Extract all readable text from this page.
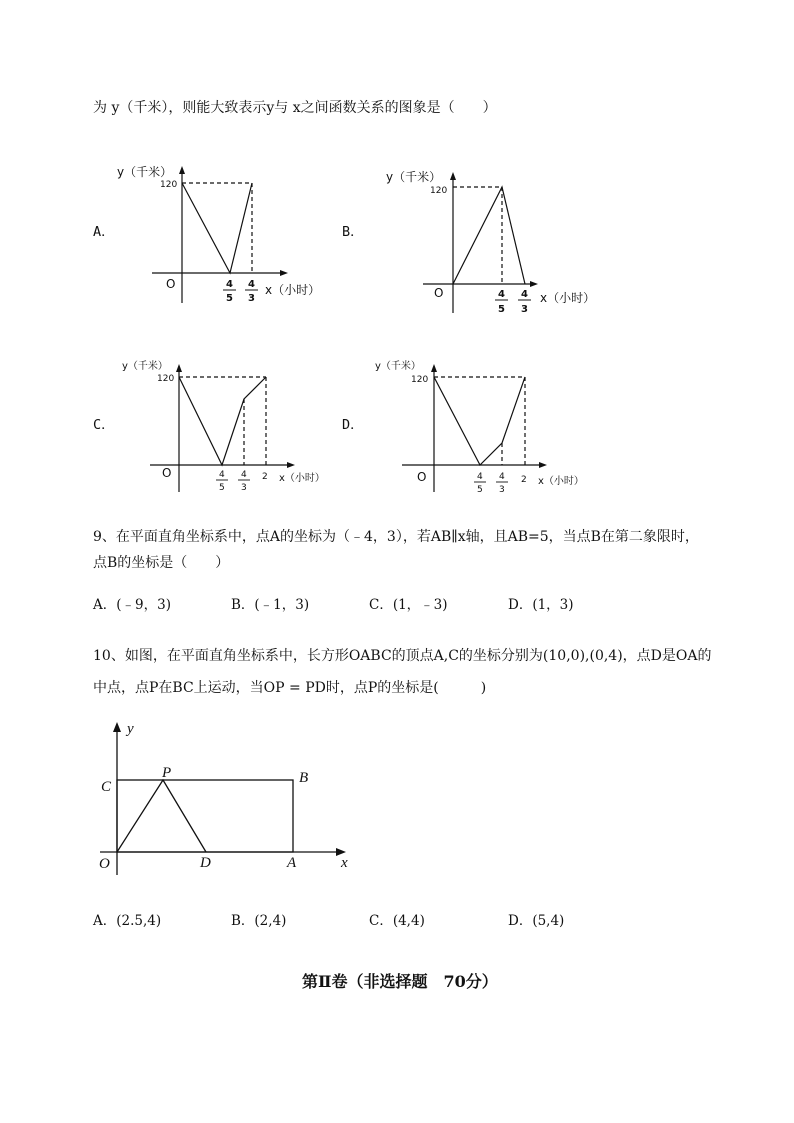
为 y（千米），则能大致表示y与 x之间函数关系的图象是（　　）
A．	B．
C．	D．
y（千米）
120
O	4
5
4
3
x（小时）
y（千米）
120
O	4
5
4
3
x（小时）
y（千米）
120
O	4
5
4
3
2 x（小时）
y（千米）
120
O	4
5
4
3
2 x（小时）
9、在平面直角坐标系中，点A的坐标为（﹣4，3），若AB∥x轴，且AB=5，当点B在第二象限时，
点B的坐标是（　　）
A．(﹣9，3)	B．(﹣1，3)	C．(1，﹣3)	D．(1，3)
10、如图，在平面直角坐标系中，长方形OABC的顶点A,C的坐标分别为(10,0),(0,4)，点D是OA的
中点，点P在BC上运动，当OP = PD时，点P的坐标是(　　　)
y
x
C
P	B
O	D	A
A．(2.5,4)	B．(2,4)	C．(4,4)	D．(5,4)
第Ⅱ卷（非选择题　70分）
